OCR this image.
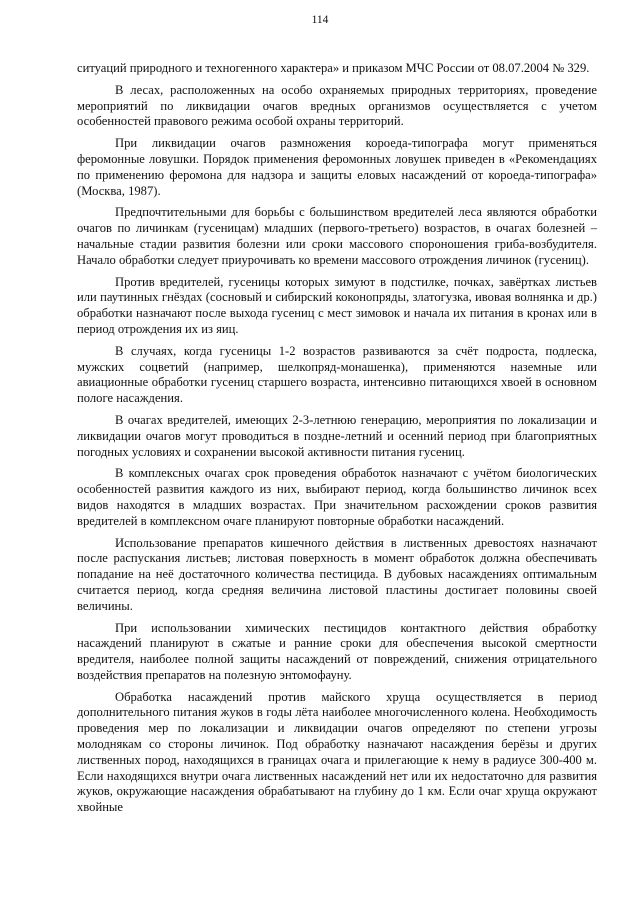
114

ситуаций природного и техногенного характера» и приказом МЧС России от 08.07.2004 № 329.

В лесах, расположенных на особо охраняемых природных территориях, проведение мероприятий по ликвидации очагов вредных организмов осуществляется с учетом особенностей правового режима особой охраны территорий.

При ликвидации очагов размножения короеда-типографа могут применяться феромонные ловушки. Порядок применения феромонных ловушек приведен в «Рекомендациях по применению феромона для надзора и защиты еловых насаждений от короеда-типографа» (Москва, 1987).

Предпочтительными для борьбы с большинством вредителей леса являются обработки очагов по личинкам (гусеницам) младших (первого-третьего) возрастов, в очагах болезней – начальные стадии развития болезни или сроки массового спороношения гриба-возбудителя. Начало обработки следует приурочивать ко времени массового отрождения личинок (гусениц).

Против вредителей, гусеницы которых зимуют в подстилке, почках, завёртках листьев или паутинных гнёздах (сосновый и сибирский коконопряды, златогузка, ивовая волнянка и др.) обработки назначают после выхода гусениц с мест зимовок и начала их питания в кронах или в период отрождения их из яиц.

В случаях, когда гусеницы 1-2 возрастов развиваются за счёт подроста, подлеска, мужских соцветий (например, шелкопряд-монашенка), применяются наземные или авиационные обработки гусениц старшего возраста, интенсивно питающихся хвоей в основном пологе насаждения.

В очагах вредителей, имеющих 2-3-летнюю генерацию, мероприятия по локализации и ликвидации очагов могут проводиться в поздне-летний и осенний период при благоприятных погодных условиях и сохранении высокой активности питания гусениц.

В комплексных очагах срок проведения обработок назначают с учётом биологических особенностей развития каждого из них, выбирают период, когда большинство личинок всех видов находятся в младших возрастах. При значительном расхождении сроков развития вредителей в комплексном очаге планируют повторные обработки насаждений.

Использование препаратов кишечного действия в лиственных древостоях назначают после распускания листьев; листовая поверхность в момент обработок должна обеспечивать попадание на неё достаточного количества пестицида. В дубовых насаждениях оптимальным считается период, когда средняя величина листовой пластины достигает половины своей величины.

При использовании химических пестицидов контактного действия обработку насаждений планируют в сжатые и ранние сроки для обеспечения высокой смертности вредителя, наиболее полной защиты насаждений от повреждений, снижения отрицательного воздействия препаратов на полезную энтомофауну.

Обработка насаждений против майского хруща осуществляется в период дополнительного питания жуков в годы лёта наиболее многочисленного колена. Необходимость проведения мер по локализации и ликвидации очагов определяют по степени угрозы молоднякам со стороны личинок. Под обработку назначают насаждения берёзы и других лиственных пород, находящихся в границах очага и прилегающие к нему в радиусе 300-400 м. Если находящихся внутри очага лиственных насаждений нет или их недостаточно для развития жуков, окружающие насаждения обрабатывают на глубину до 1 км. Если очаг хруща окружают хвойные
